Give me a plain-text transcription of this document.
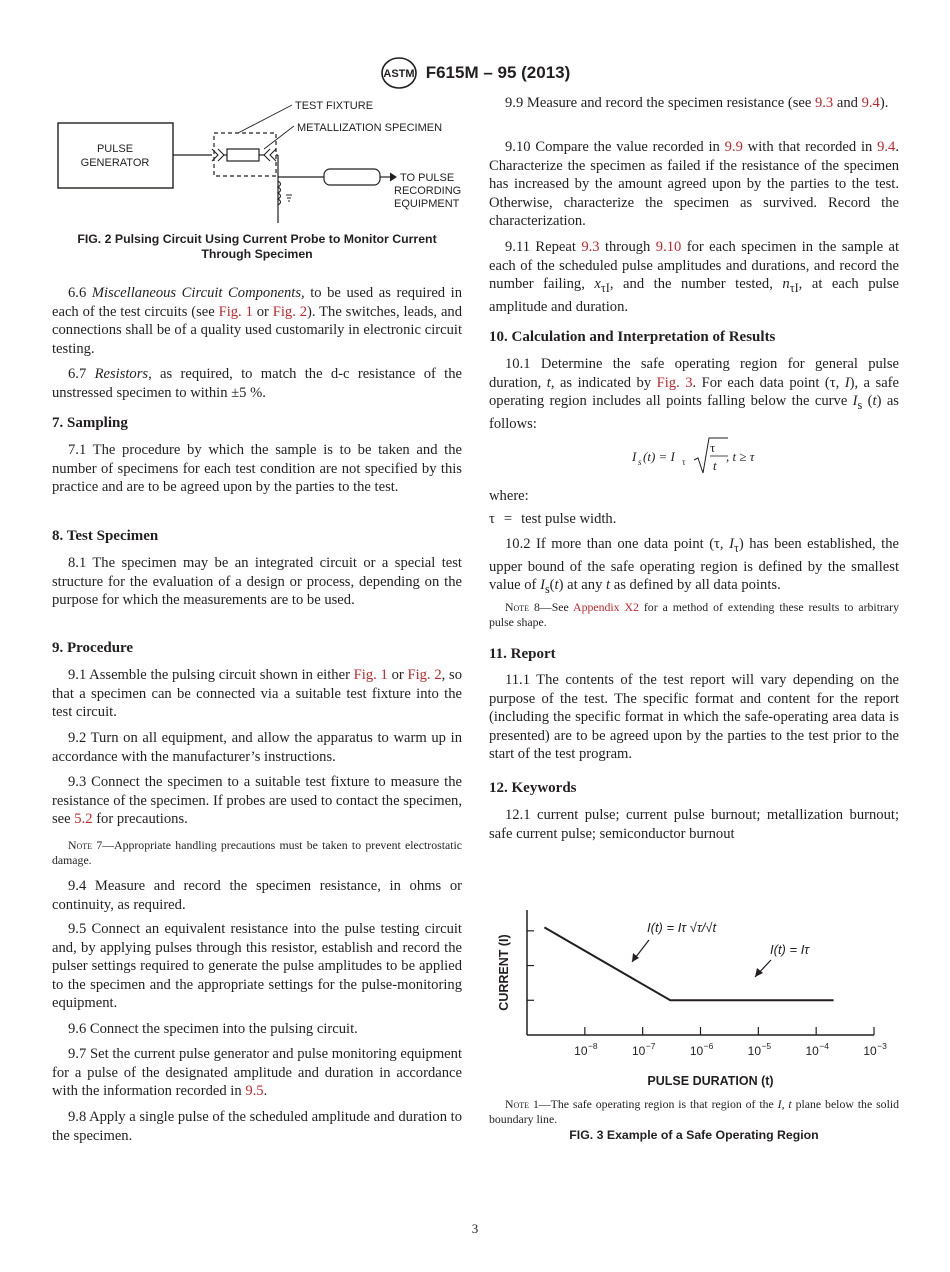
ASTM F615M – 95 (2013)
PULSE
GENERATOR
TEST FIXTURE
METALLIZATION SPECIMEN
TO PULSE
RECORDING
EQUIPMENT
FIG. 2 Pulsing Circuit Using Current Probe to Monitor Current
Through Specimen

6.6 Miscellaneous Circuit Components, to be used as required in each of the test circuits (see Fig. 1 or Fig. 2). The switches, leads, and connections shall be of a quality used customarily in electronic circuit testing.

6.7 Resistors, as required, to match the d-c resistance of the unstressed specimen to within ±5 %.

7. Sampling

7.1 The procedure by which the sample is to be taken and the number of specimens for each test condition are not specified by this practice and are to be agreed upon by the parties to the test.

8. Test Specimen

8.1 The specimen may be an integrated circuit or a special test structure for the evaluation of a design or process, depending on the purpose for which the measurements are to be used.

9. Procedure

9.1 Assemble the pulsing circuit shown in either Fig. 1 or Fig. 2, so that a specimen can be connected via a suitable test fixture into the test circuit.

9.2 Turn on all equipment, and allow the apparatus to warm up in accordance with the manufacturer’s instructions.

9.3 Connect the specimen to a suitable test fixture to measure the resistance of the specimen. If probes are used to contact the specimen, see 5.2 for precautions.

Note 7—Appropriate handling precautions must be taken to prevent electrostatic damage.

9.4 Measure and record the specimen resistance, in ohms or continuity, as required.

9.5 Connect an equivalent resistance into the pulse testing circuit and, by applying pulses through this resistor, establish and record the pulser settings required to generate the pulse amplitudes to be applied to the specimen and the appropriate settings for the pulse-monitoring equipment.

9.6 Connect the specimen into the pulsing circuit.

9.7 Set the current pulse generator and pulse monitoring equipment for a pulse of the designated amplitude and duration in accordance with the information recorded in 9.5.

9.8 Apply a single pulse of the scheduled amplitude and duration to the specimen.

9.9 Measure and record the specimen resistance (see 9.3 and 9.4).

9.10 Compare the value recorded in 9.9 with that recorded in 9.4. Characterize the specimen as failed if the resistance of the specimen has increased by the amount agreed upon by the parties to the test. Otherwise, characterize the specimen as survived. Record the characterization.

9.11 Repeat 9.3 through 9.10 for each specimen in the sample at each of the scheduled pulse amplitudes and durations, and record the number failing, $x_{\tau I}$, and the number tested, $n_{\tau I}$, at each pulse amplitude and duration.

10. Calculation and Interpretation of Results

10.1 Determine the safe operating region for general pulse duration, t, as indicated by Fig. 3. For each data point (τ, I), a safe operating region includes all points falling below the curve $I_s$ (t) as follows:

I s (t) = I τ
τ
t
, t ≥ τ

where:

τ = test pulse width.

10.2 If more than one data point (τ, $I_\tau$) has been established, the upper bound of the safe operating region is defined by the smallest value of $I_s(t)$ at any t as defined by all data points.

Note 8—See Appendix X2 for a method of extending these results to arbitrary pulse shape.

11. Report

11.1 The contents of the test report will vary depending on the purpose of the test. The specific format and content for the report (including the specific format in which the safe-operating area data is presented) are to be agreed upon by the parties to the test prior to the start of the test program.

12. Keywords

12.1 current pulse; current pulse burnout; metallization burnout; safe current pulse; semiconductor burnout

10 −8	10 −7	10 −6	10 −5	10 −4	10 −3
PULSE DURATION (t)
CURRENT (I)
I(t) = Iτ √τ/√t
I(t) = Iτ

Note 1—The safe operating region is that region of the I, t plane below the solid boundary line.

FIG. 3 Example of a Safe Operating Region
3
